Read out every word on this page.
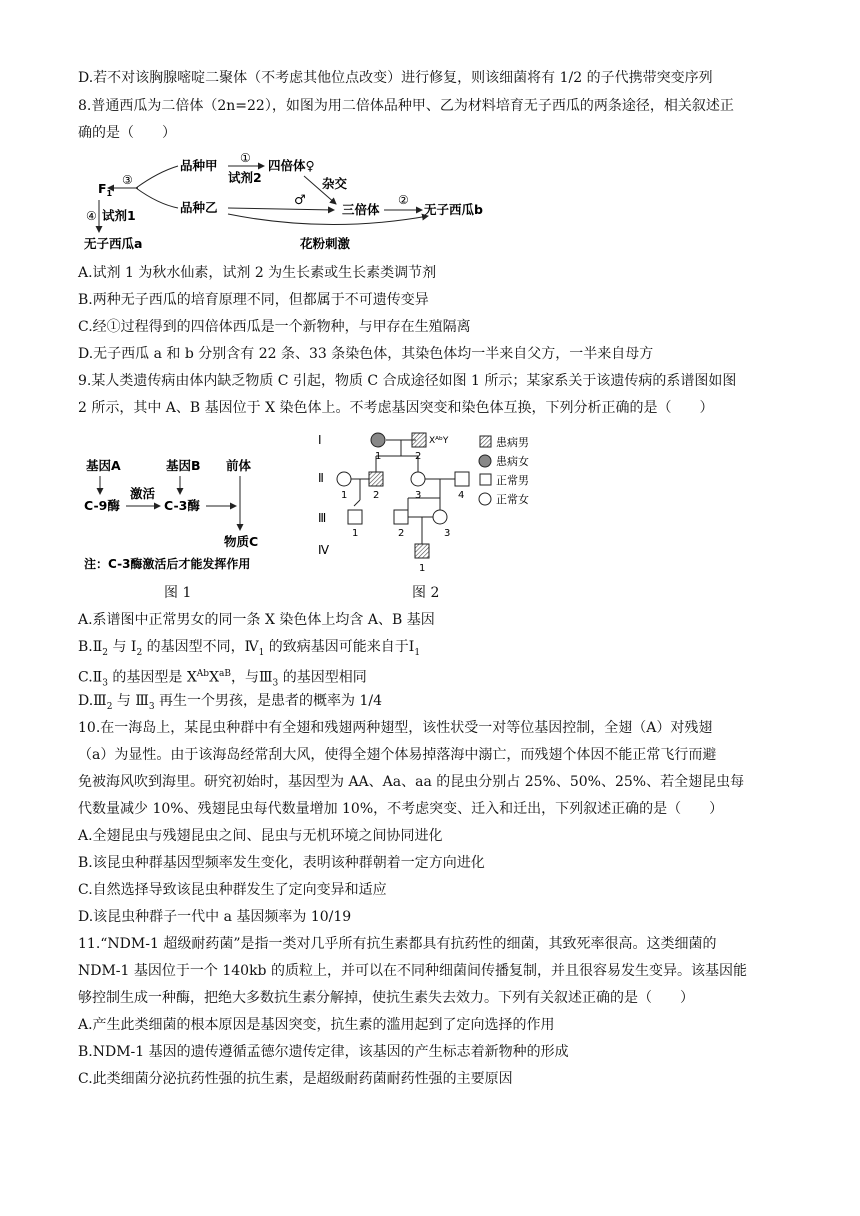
D.若不对该胸腺嘧啶二聚体（不考虑其他位点改变）进行修复，则该细菌将有 1/2 的子代携带突变序列
8.普通西瓜为二倍体（2n=22），如图为用二倍体品种甲、乙为材料培育无子西瓜的两条途径，相关叙述正
确的是（　　）
品种甲
品种乙
$F_1$
③
④ 试剂1
无子西瓜a
①
试剂2
四倍体♀
杂交
♂
三倍体
②
无子西瓜b
花粉刺激
A.试剂 1 为秋水仙素，试剂 2 为生长素或生长素类调节剂
B.两种无子西瓜的培育原理不同，但都属于不可遗传变异
C.经①过程得到的四倍体西瓜是一个新物种，与甲存在生殖隔离
D.无子西瓜 a 和 b 分别含有 22 条、33 条染色体，其染色体均一半来自父方，一半来自母方
9.某人类遗传病由体内缺乏物质 C 引起，物质 C 合成途径如图 1 所示；某家系关于该遗传病的系谱图如图
2 所示，其中 A、B 基因位于 X 染色体上。不考虑基因突变和染色体互换，下列分析正确的是（　　）
基因A
C-9酶
激活
基因B
C-3酶
前体
物质C
注：C-3酶激活后才能发挥作用
Ⅰ
Ⅱ
Ⅲ
Ⅳ
1	2
XᴬᵇY
1	2	3	4
1	2	3
1
患病男
患病女
正常男
正常女
图 1	图 2
A.系谱图中正常男女的同一条 X 染色体上均含 A、B 基因
$B.Ⅱ_2$ 与 $I_2$ 的基因型不同，$Ⅳ_1$ 的致病基因可能来自于$Ⅰ_1$
$C.Ⅱ_3$ 的基因型是 $X^{Ab}X^{aB}$，与$Ⅲ_3$ 的基因型相同
$D.Ⅲ_2$ 与 $Ⅲ_3$ 再生一个男孩，是患者的概率为 1/4
10.在一海岛上，某昆虫种群中有全翅和残翅两种翅型，该性状受一对等位基因控制，全翅（A）对残翅
（a）为显性。由于该海岛经常刮大风，使得全翅个体易掉落海中溺亡，而残翅个体因不能正常飞行而避
免被海风吹到海里。研究初始时，基因型为 AA、Aa、aa 的昆虫分别占 25%、50%、25%、若全翅昆虫每
代数量减少 10%、残翅昆虫每代数量增加 10%，不考虑突变、迁入和迁出，下列叙述正确的是（　　）
A.全翅昆虫与残翅昆虫之间、昆虫与无机环境之间协同进化
B.该昆虫种群基因型频率发生变化，表明该种群朝着一定方向进化
C.自然选择导致该昆虫种群发生了定向变异和适应
D.该昆虫种群子一代中 a 基因频率为 10/19
11.“NDM-1 超级耐药菌”是指一类对几乎所有抗生素都具有抗药性的细菌，其致死率很高。这类细菌的
NDM-1 基因位于一个 140kb 的质粒上，并可以在不同种细菌间传播复制，并且很容易发生变异。该基因能
够控制生成一种酶，把绝大多数抗生素分解掉，使抗生素失去效力。下列有关叙述正确的是（　　）
A.产生此类细菌的根本原因是基因突变，抗生素的滥用起到了定向选择的作用
B.NDM-1 基因的遗传遵循孟德尔遗传定律，该基因的产生标志着新物种的形成
C.此类细菌分泌抗药性强的抗生素，是超级耐药菌耐药性强的主要原因
